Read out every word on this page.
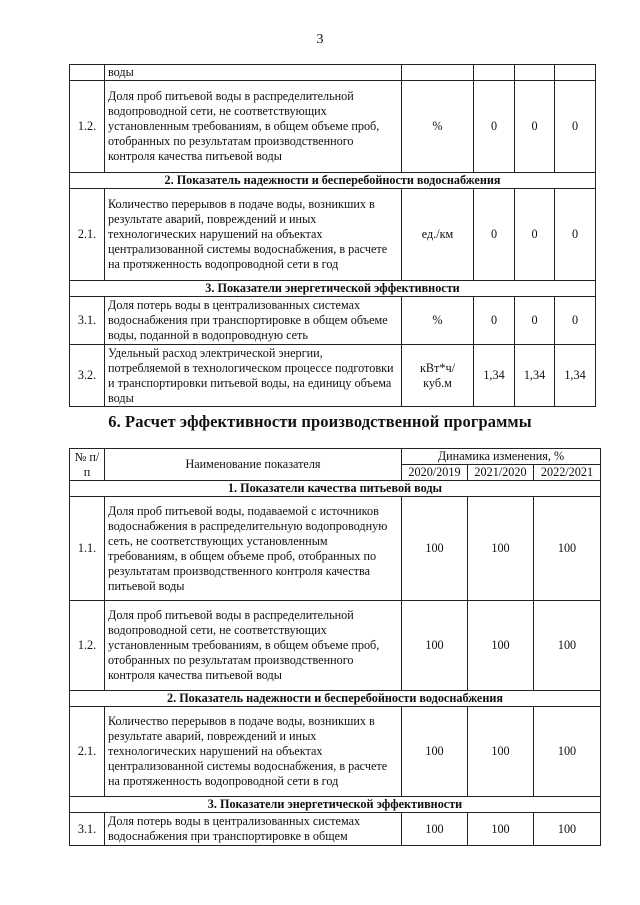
3
	воды				
1.2.	Доля проб питьевой воды в распределительной водопроводной сети, не соответствующих установленным требованиям, в общем объеме проб, отобранных по результатам производственного контроля качества питьевой воды	%	0	0	0
2. Показатель надежности и бесперебойности водоснабжения					
2.1.	Количество перерывов в подаче воды, возникших в результате аварий, повреждений и иных технологических нарушений на объектах централизованной системы водоснабжения, в расчете на протяженность водопроводной сети в год	ед./км	0	0	0
3. Показатели энергетической эффективности					
3.1.	Доля потерь воды в централизованных системах водоснабжения при транспортировке в общем объеме воды, поданной в водопроводную сеть	%	0	0	0
3.2.	Удельный расход электрической энергии, потребляемой в технологическом процессе подготовки и транспортировки питьевой воды, на единицу объема воды	кВт*ч/ куб.м	1,34	1,34	1,34
6. Расчет эффективности производственной программы
№ п/п	Наименование показателя	Динамика изменения, %		
		2020/2019	2021/2020	2022/2021
1. Показатели качества питьевой воды				
1.1.	Доля проб питьевой воды, подаваемой с источников водоснабжения в распределительную водопроводную сеть, не соответствующих установленным требованиям, в общем объеме проб, отобранных по результатам производственного контроля качества питьевой воды	100	100	100
1.2.	Доля проб питьевой воды в распределительной водопроводной сети, не соответствующих установленным требованиям, в общем объеме проб, отобранных по результатам производственного контроля качества питьевой воды	100	100	100
2. Показатель надежности и бесперебойности водоснабжения				
2.1.	Количество перерывов в подаче воды, возникших в результате аварий, повреждений и иных технологических нарушений на объектах централизованной системы водоснабжения, в расчете на протяженность водопроводной сети в год	100	100	100
3. Показатели энергетической эффективности				
3.1.	Доля потерь воды в централизованных системах водоснабжения при транспортировке в общем	100	100	100
